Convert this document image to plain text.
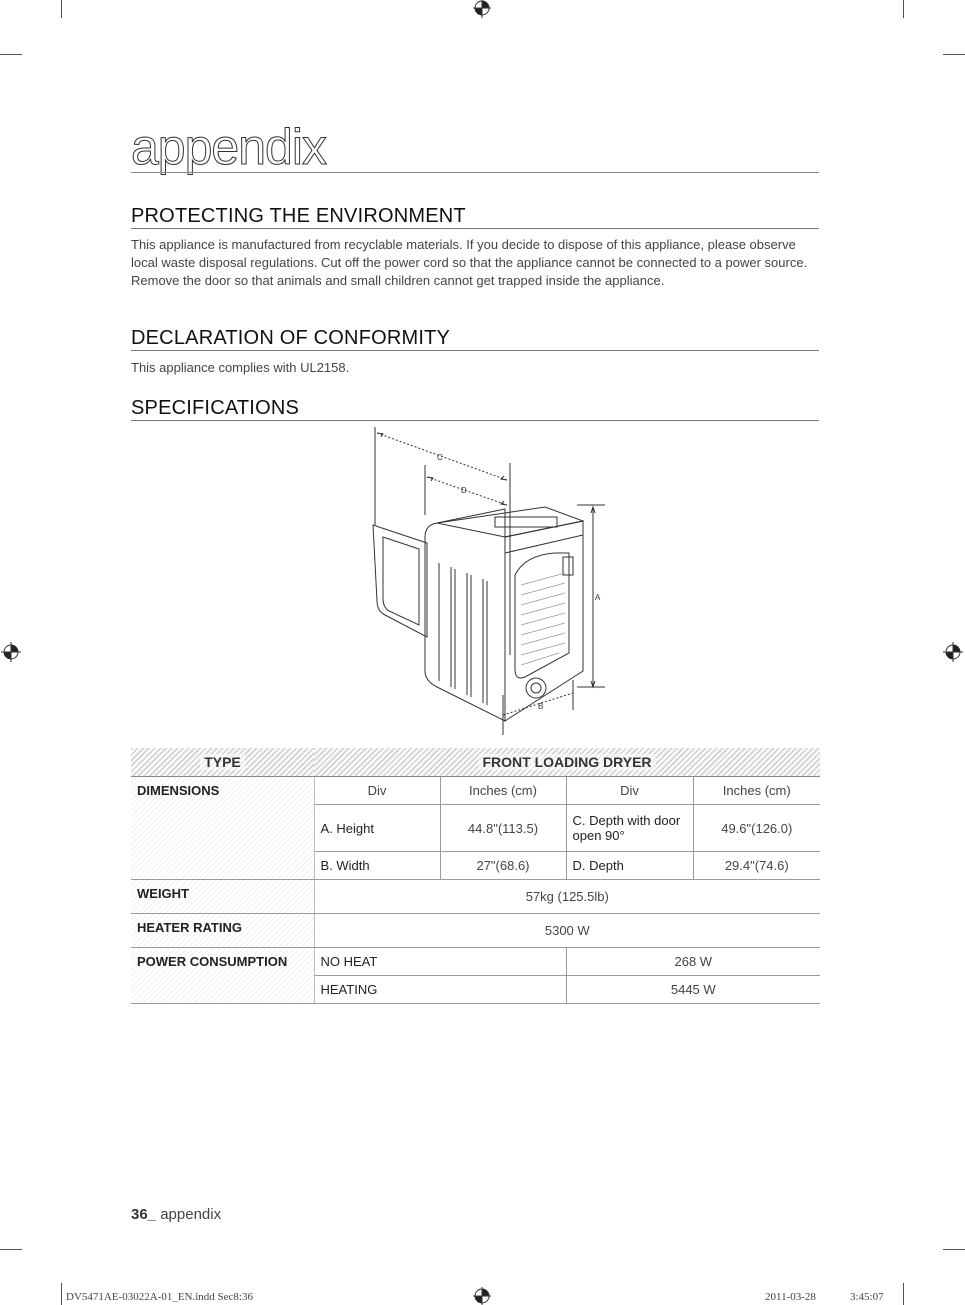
appendix
PROTECTING THE ENVIRONMENT
This appliance is manufactured from recyclable materials. If you decide to dispose of this appliance, please observe local waste disposal regulations. Cut off the power cord so that the appliance cannot be connected to a power source. Remove the door so that animals and small children cannot get trapped inside the appliance.
DECLARATION OF CONFORMITY
This appliance complies with UL2158.
SPECIFICATIONS
C
D
A
B
TYPE	FRONT LOADING DRYER			
DIMENSIONS	Div	Inches (cm)	Div	Inches (cm)
	A. Height	44.8"(113.5)	C. Depth with door open 90°	49.6"(126.0)
	B. Width	27"(68.6)	D. Depth	29.4"(74.6)
WEIGHT	57kg (125.5lb)			
HEATER RATING	5300 W			
POWER CONSUMPTION	NO HEAT		268 W	
	HEATING		5445 W	
36_ appendix
DV5471AE-03022A-01_EN.indd Sec8:36	2011-03-28	3:45:07
